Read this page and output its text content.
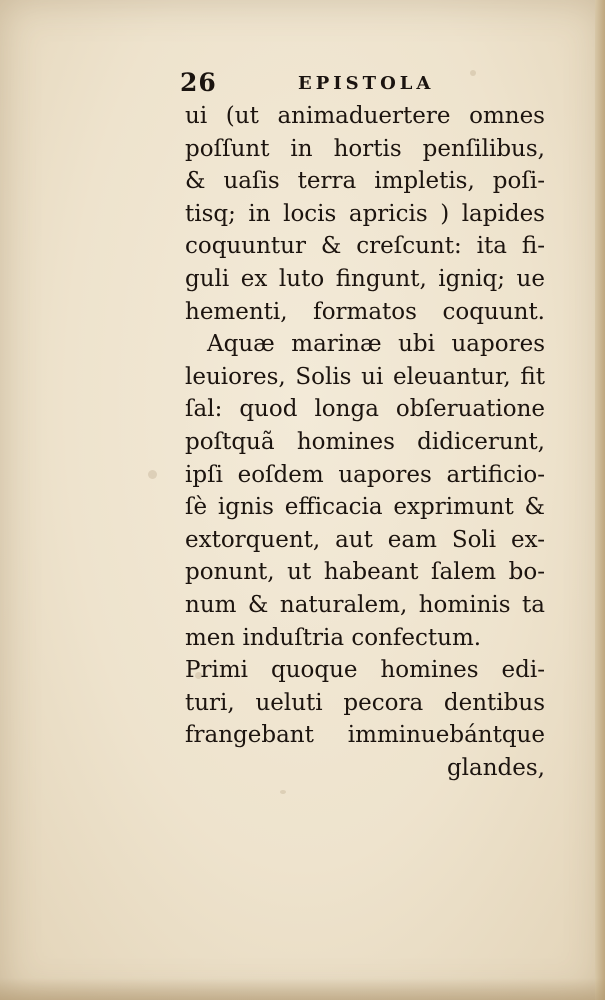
26	EPISTOLA
ui (ut animaduertere omnes
poſſunt in hortis penſilibus,
& uaſis terra impletis, poſi-
tisq; in locis apricis ) lapides
coquuntur & creſcunt: ita fi-
guli ex luto fingunt, igniq; ue
hementi, formatos coquunt.
Aquæ marinæ ubi uapores
leuiores, Solis ui eleuantur, fit
ſal: quod longa obſeruatione
poſtquã homines didicerunt,
ipſi eoſdem uapores artificio-
ſè ignis efficacia exprimunt &
extorquent, aut eam Soli ex-
ponunt, ut habeant ſalem bo-
num & naturalem, hominis ta
men induſtria confectum.
Primi quoque homines edi-
turi, ueluti pecora dentibus
frangebant imminuebántque
glandes,
